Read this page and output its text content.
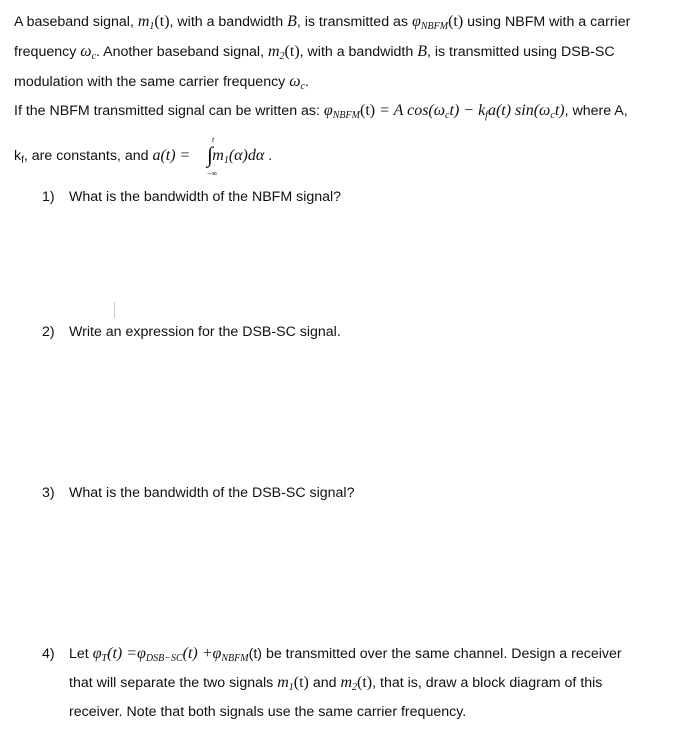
A baseband signal, $m_1(t)$, with a bandwidth B, is transmitted as $\varphi_{NBFM}(t)$ using NBFM with a carrier
frequency $\omega_c$. Another baseband signal, $m_2(t)$, with a bandwidth B, is transmitted using DSB-SC
modulation with the same carrier frequency $\omega_c$.
If the NBFM transmitted signal can be written as: $\varphi_{NBFM}(t) = A$ $\cos(\omega_ct) - k_fa(t)$ $\sin(\omega_ct)$, where A,
$k_f$, are constants, and $a(t) = m_1(\alpha)d\alpha$ .
∫
t
−∞
1) What is the bandwidth of the NBFM signal?
2) Write an expression for the DSB-SC signal.
3) What is the bandwidth of the DSB-SC signal?
4) Let $\varphi_T(t) =\varphi_{DSB-SC}(t) +\varphi_{NBFM}(t)$ be transmitted over the same channel. Design a receiver
that will separate the two signals $m_1(t)$ and $m_2(t)$, that is, draw a block diagram of this
receiver. Note that both signals use the same carrier frequency.
